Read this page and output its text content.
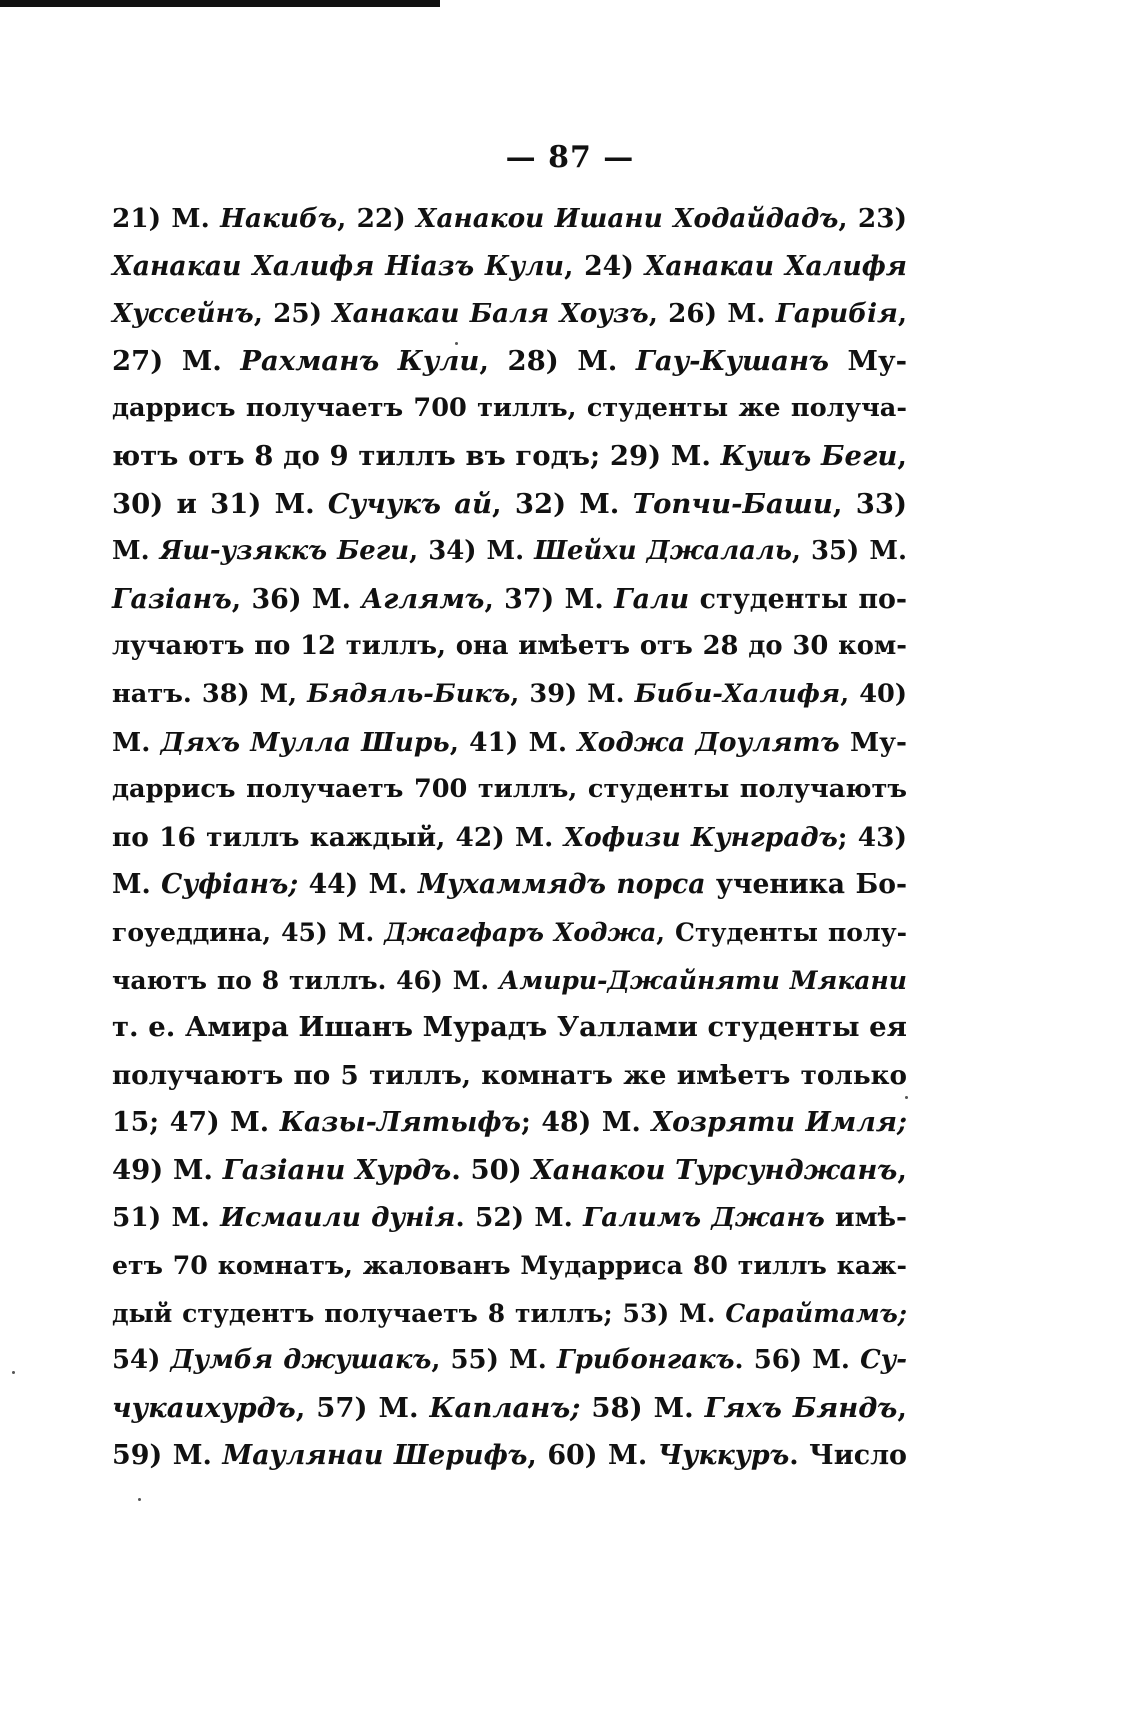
— 87 —
21) М. Накибъ, 22) Ханакои Ишани Ходайдадъ, 23)
Ханакаи Халифя Ніазъ Кули, 24) Ханакаи Халифя
Хуссейнъ, 25) Ханакаи Баля Хоузъ, 26) М. Гарибія,
27) М. Рахманъ Кули, 28) М. Гау-Кушанъ Му-
даррисъ получаетъ 700 тиллъ, студенты же получа-
ютъ отъ 8 до 9 тиллъ въ годъ; 29) М. Кушъ Беги,
30) и 31) М. Сучукъ ай, 32) М. Топчи-Баши, 33)
М. Яш-узяккъ Беги, 34) М. Шейхи Джалаль, 35) М.
Газіанъ, 36) М. Аглямъ, 37) М. Гали студенты по-
лучаютъ по 12 тиллъ, она имѣетъ отъ 28 до 30 ком-
натъ. 38) М, Бядяль-Бикъ, 39) М. Биби-Халифя, 40)
М. Дяхъ Мулла Ширь, 41) М. Ходжа Доулятъ Му-
даррисъ получаетъ 700 тиллъ, студенты получаютъ
по 16 тиллъ каждый, 42) М. Хофизи Кунградъ; 43)
М. Суфіанъ; 44) М. Мухаммядъ порса ученика Бо-
гоуеддина, 45) М. Джагфаръ Ходжа, Студенты полу-
чаютъ по 8 тиллъ. 46) М. Амири-Джайняти Мякани
т. е. Амира Ишанъ Мурадъ Уаллами студенты ея
получаютъ по 5 тиллъ, комнатъ же имѣетъ только
15; 47) М. Казы-Лятыфъ; 48) М. Хозряти Имля;
49) М. Газіани Хурдъ. 50) Ханакои Турсунджанъ,
51) М. Исмаили дунія. 52) М. Галимъ Джанъ имѣ-
етъ 70 комнатъ, жалованъ Мударриса 80 тиллъ каж-
дый студентъ получаетъ 8 тиллъ; 53) М. Сарайтамъ;
54) Думбя джушакъ, 55) М. Грибонгакъ. 56) М. Су-
чукаихурдъ, 57) М. Капланъ; 58) М. Гяхъ Бяндъ,
59) М. Маулянаи Шерифъ, 60) М. Чуккуръ. Число
